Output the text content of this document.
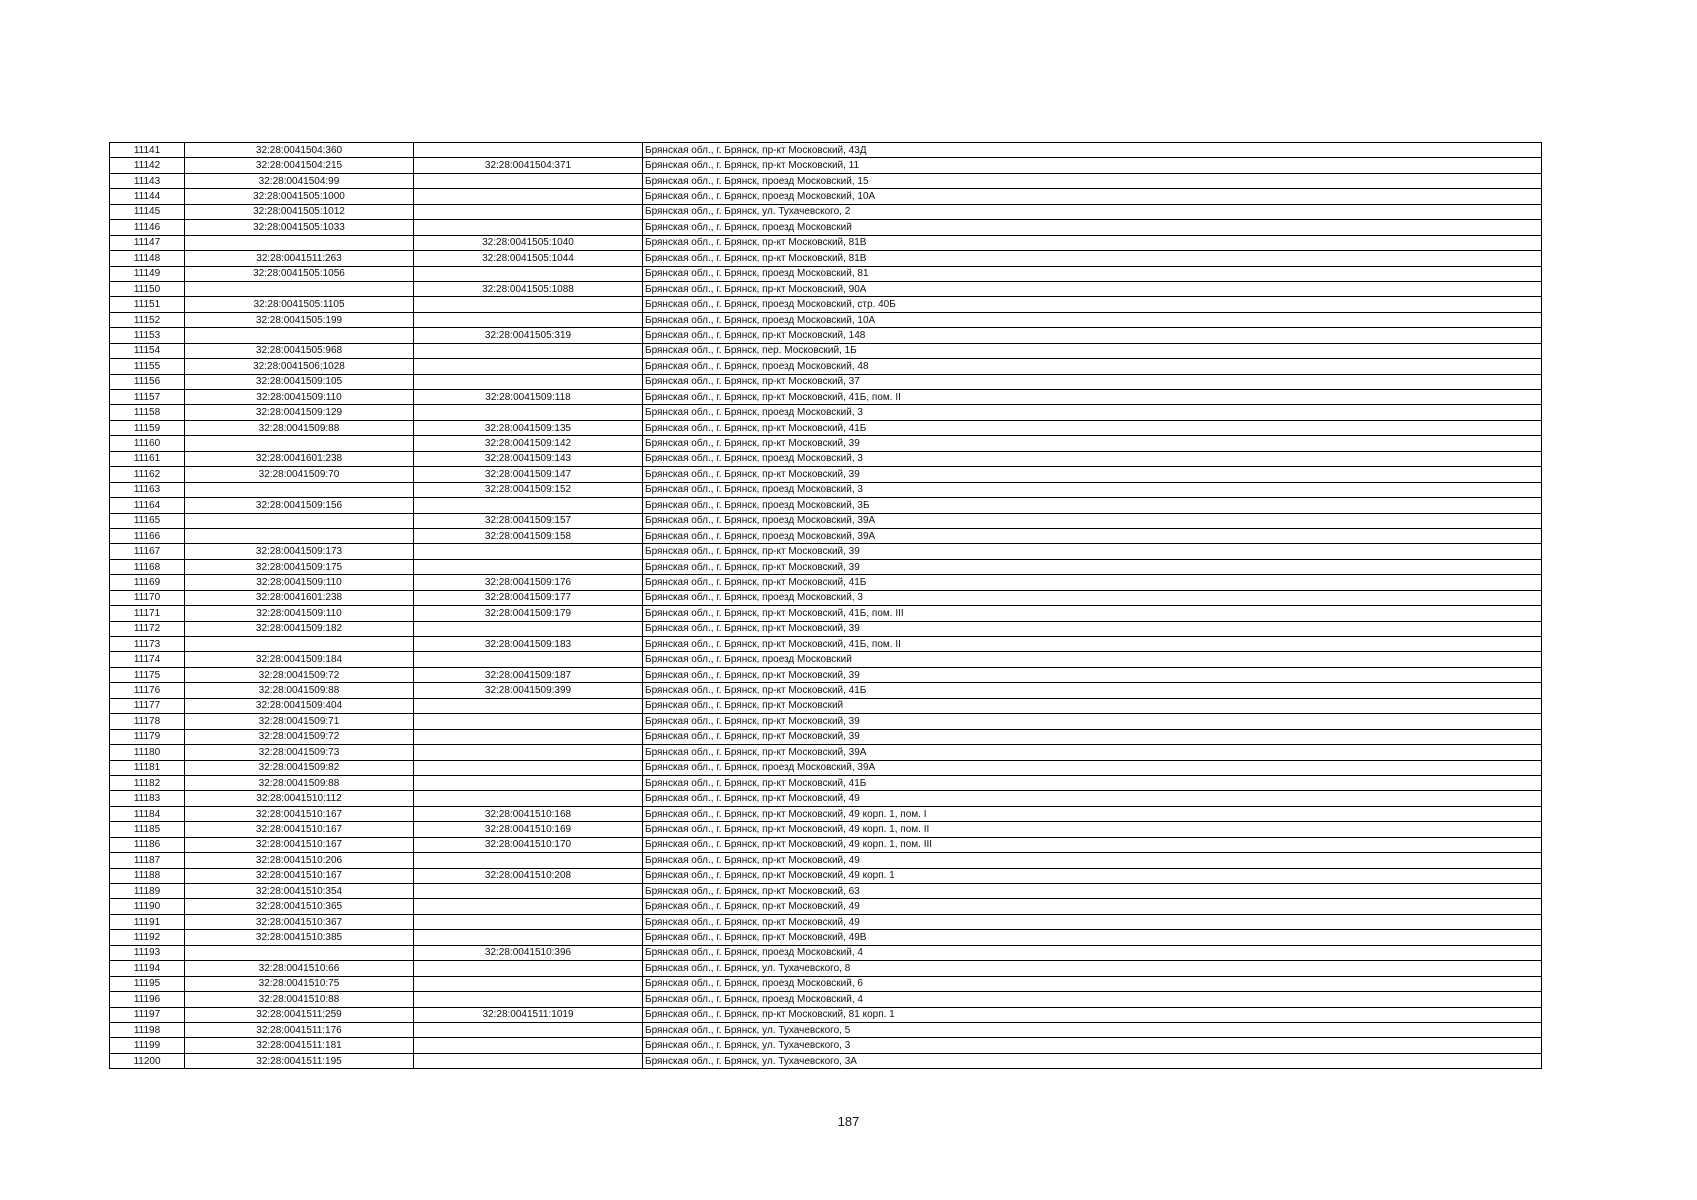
11141	32:28:0041504:360		Брянская обл., г. Брянск, пр-кт Московский, 43Д
11142	32:28:0041504:215	32:28:0041504:371	Брянская обл., г. Брянск, пр-кт Московский, 11
11143	32:28:0041504:99		Брянская обл., г. Брянск, проезд Московский, 15
11144	32:28:0041505:1000		Брянская обл., г. Брянск, проезд Московский, 10А
11145	32:28:0041505:1012		Брянская обл., г. Брянск, ул. Тухачевского, 2
11146	32:28:0041505:1033		Брянская обл., г. Брянск, проезд Московский
11147		32:28:0041505:1040	Брянская обл., г. Брянск, пр-кт Московский, 81В
11148	32:28:0041511:263	32:28:0041505:1044	Брянская обл., г. Брянск, пр-кт Московский, 81В
11149	32:28:0041505:1056		Брянская обл., г. Брянск, проезд Московский, 81
11150		32:28:0041505:1088	Брянская обл., г. Брянск, пр-кт Московский, 90А
11151	32:28:0041505:1105		Брянская обл., г. Брянск, проезд Московский, стр. 40Б
11152	32:28:0041505:199		Брянская обл., г. Брянск, проезд Московский, 10А
11153		32:28:0041505:319	Брянская обл., г. Брянск, пр-кт Московский, 148
11154	32:28:0041505:968		Брянская обл., г. Брянск, пер. Московский, 1Б
11155	32:28:0041506:1028		Брянская обл., г. Брянск, проезд Московский, 48
11156	32:28:0041509:105		Брянская обл., г. Брянск, пр-кт Московский, 37
11157	32:28:0041509:110	32:28:0041509:118	Брянская обл., г. Брянск, пр-кт Московский, 41Б, пом. II
11158	32:28:0041509:129		Брянская обл., г. Брянск, проезд Московский, 3
11159	32:28:0041509:88	32:28:0041509:135	Брянская обл., г. Брянск, пр-кт Московский, 41Б
11160		32:28:0041509:142	Брянская обл., г. Брянск, пр-кт Московский, 39
11161	32:28:0041601:238	32:28:0041509:143	Брянская обл., г. Брянск, проезд Московский, 3
11162	32:28:0041509:70	32:28:0041509:147	Брянская обл., г. Брянск, пр-кт Московский, 39
11163		32:28:0041509:152	Брянская обл., г. Брянск, проезд Московский, 3
11164	32:28:0041509:156		Брянская обл., г. Брянск, проезд Московский, 3Б
11165		32:28:0041509:157	Брянская обл., г. Брянск, проезд Московский, 39А
11166		32:28:0041509:158	Брянская обл., г. Брянск, проезд Московский, 39А
11167	32:28:0041509:173		Брянская обл., г. Брянск, пр-кт Московский, 39
11168	32:28:0041509:175		Брянская обл., г. Брянск, пр-кт Московский, 39
11169	32:28:0041509:110	32:28:0041509:176	Брянская обл., г. Брянск, пр-кт Московский, 41Б
11170	32:28:0041601:238	32:28:0041509:177	Брянская обл., г. Брянск, проезд Московский, 3
11171	32:28:0041509:110	32:28:0041509:179	Брянская обл., г. Брянск, пр-кт Московский, 41Б, пом. III
11172	32:28:0041509:182		Брянская обл., г. Брянск, пр-кт Московский, 39
11173		32:28:0041509:183	Брянская обл., г. Брянск, пр-кт Московский, 41Б, пом. II
11174	32:28:0041509:184		Брянская обл., г. Брянск, проезд Московский
11175	32:28:0041509:72	32:28:0041509:187	Брянская обл., г. Брянск, пр-кт Московский, 39
11176	32:28:0041509:88	32:28:0041509:399	Брянская обл., г. Брянск, пр-кт Московский, 41Б
11177	32:28:0041509:404		Брянская обл., г. Брянск, пр-кт Московский
11178	32:28:0041509:71		Брянская обл., г. Брянск, пр-кт Московский, 39
11179	32:28:0041509:72		Брянская обл., г. Брянск, пр-кт Московский, 39
11180	32:28:0041509:73		Брянская обл., г. Брянск, пр-кт Московский, 39А
11181	32:28:0041509:82		Брянская обл., г. Брянск, проезд Московский, 39А
11182	32:28:0041509:88		Брянская обл., г. Брянск, пр-кт Московский, 41Б
11183	32:28:0041510:112		Брянская обл., г. Брянск, пр-кт Московский, 49
11184	32:28:0041510:167	32:28:0041510:168	Брянская обл., г. Брянск, пр-кт Московский, 49 корп. 1, пом. I
11185	32:28:0041510:167	32:28:0041510:169	Брянская обл., г. Брянск, пр-кт Московский, 49 корп. 1, пом. II
11186	32:28:0041510:167	32:28:0041510:170	Брянская обл., г. Брянск, пр-кт Московский, 49 корп. 1, пом. III
11187	32:28:0041510:206		Брянская обл., г. Брянск, пр-кт Московский, 49
11188	32:28:0041510:167	32:28:0041510:208	Брянская обл., г. Брянск, пр-кт Московский, 49 корп. 1
11189	32:28:0041510:354		Брянская обл., г. Брянск, пр-кт Московский, 63
11190	32:28:0041510:365		Брянская обл., г. Брянск, пр-кт Московский, 49
11191	32:28:0041510:367		Брянская обл., г. Брянск, пр-кт Московский, 49
11192	32:28:0041510:385		Брянская обл., г. Брянск, пр-кт Московский, 49В
11193		32:28:0041510:396	Брянская обл., г. Брянск, проезд Московский, 4
11194	32:28:0041510:66		Брянская обл., г. Брянск, ул. Тухачевского, 8
11195	32:28:0041510:75		Брянская обл., г. Брянск, проезд Московский, 6
11196	32:28:0041510:88		Брянская обл., г. Брянск, проезд Московский, 4
11197	32:28:0041511:259	32:28:0041511:1019	Брянская обл., г. Брянск, пр-кт Московский, 81 корп. 1
11198	32:28:0041511:176		Брянская обл., г. Брянск, ул. Тухачевского, 5
11199	32:28:0041511:181		Брянская обл., г. Брянск, ул. Тухачевского, 3
11200	32:28:0041511:195		Брянская обл., г. Брянск, ул. Тухачевского, 3А
187
